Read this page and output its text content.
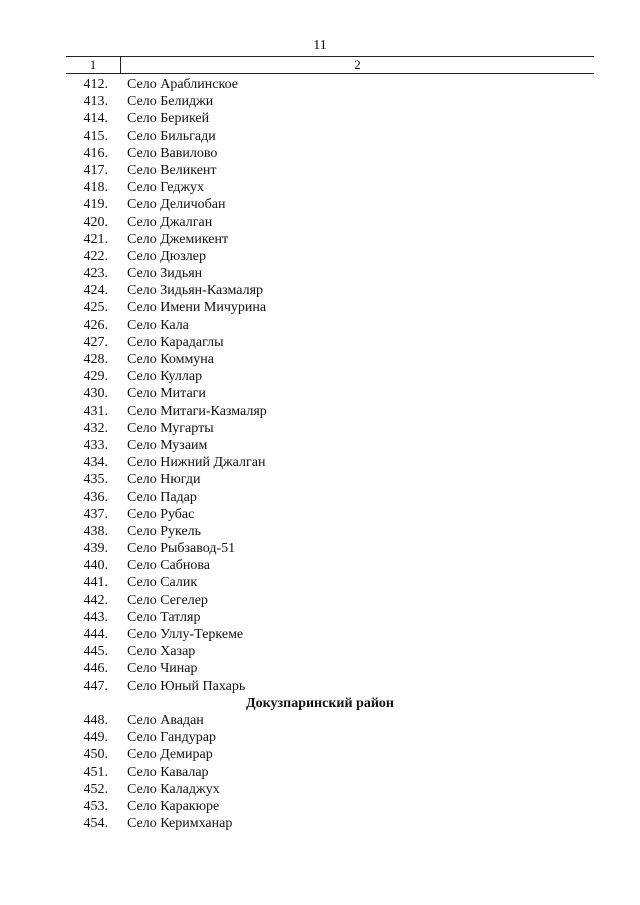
11
1	2
412. Село Араблинское
413. Село Белиджи
414. Село Берикей
415. Село Бильгади
416. Село Вавилово
417. Село Великент
418. Село Геджух
419. Село Деличобан
420. Село Джалган
421. Село Джемикент
422. Село Дюзлер
423. Село Зидьян
424. Село Зидьян-Казмаляр
425. Село Имени Мичурина
426. Село Кала
427. Село Карадаглы
428. Село Коммуна
429. Село Куллар
430. Село Митаги
431. Село Митаги-Казмаляр
432. Село Мугарты
433. Село Музаим
434. Село Нижний Джалган
435. Село Нюгди
436. Село Падар
437. Село Рубас
438. Село Рукель
439. Село Рыбзавод-51
440. Село Сабнова
441. Село Салик
442. Село Сегелер
443. Село Татляр
444. Село Уллу-Теркеме
445. Село Хазар
446. Село Чинар
447. Село Юный Пахарь
Докузпаринский район
448. Село Авадан
449. Село Гандурар
450. Село Демирар
451. Село Кавалар
452. Село Каладжух
453. Село Каракюре
454. Село Керимханар
